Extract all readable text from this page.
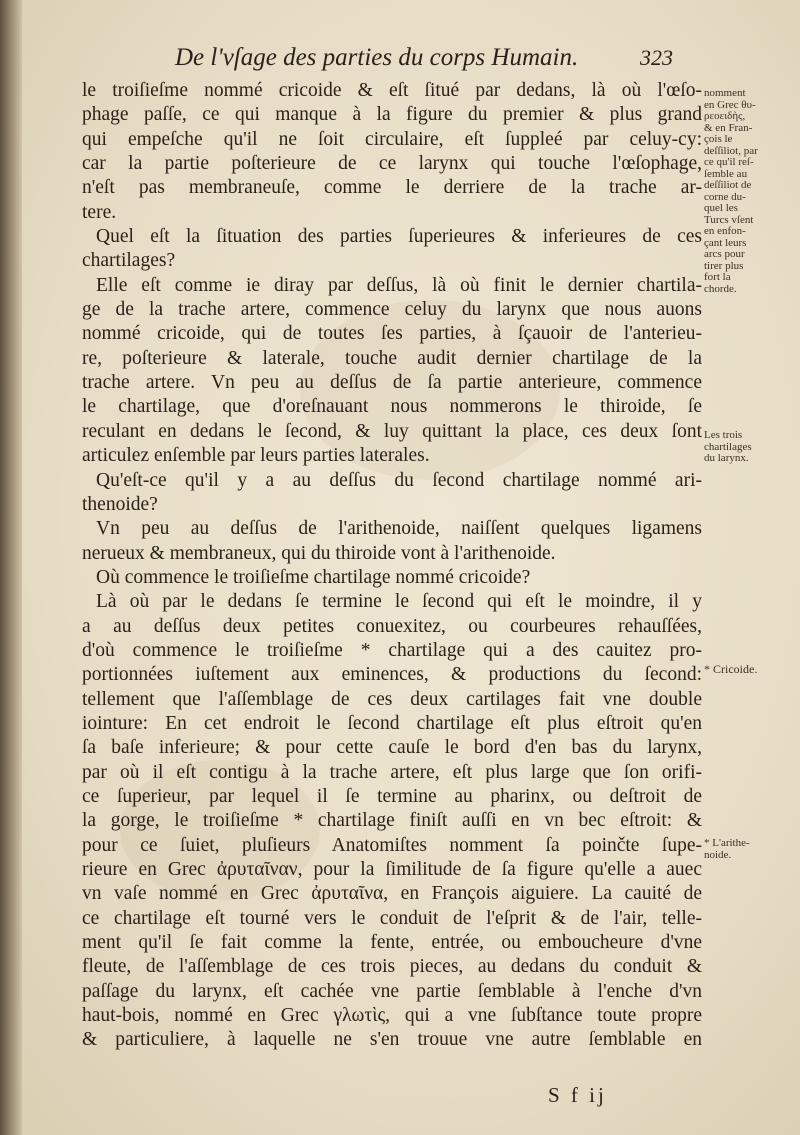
De l'vſage des parties du corps Humain.	323
le troiſieſme nommé cricoide & eſt ſitué par dedans, là où l'œſo-
phage paſſe, ce qui manque à la figure du premier & plus grand
qui empeſche qu'il ne ſoit circulaire, eſt ſuppleé par celuy-cy:
car la partie poſterieure de ce larynx qui touche l'œſophage,
n'eſt pas membraneuſe, comme le derriere de la trache ar-
tere.
Quel eſt la ſituation des parties ſuperieures & inferieures de ces
chartilages?
Elle eſt comme ie diray par deſſus, là où finit le dernier chartila-
ge de la trache artere, commence celuy du larynx que nous auons
nommé cricoide, qui de toutes ſes parties, à ſçauoir de l'anterieu-
re, poſterieure & laterale, touche audit dernier chartilage de la
trache artere. Vn peu au deſſus de ſa partie anterieure, commence
le chartilage, que d'oreſnauant nous nommerons le thiroide, ſe
reculant en dedans le ſecond, & luy quittant la place, ces deux ſont
articulez enſemble par leurs parties laterales.
Qu'eſt-ce qu'il y a au deſſus du ſecond chartilage nommé ari-
thenoide?
Vn peu au deſſus de l'arithenoide, naiſſent quelques ligamens
nerueux & membraneux, qui du thiroide vont à l'arithenoide.
Où commence le troiſieſme chartilage nommé cricoide?
Là où par le dedans ſe termine le ſecond qui eſt le moindre, il y
a au deſſus deux petites conuexitez, ou courbeures rehauſſées,
d'où commence le troiſieſme * chartilage qui a des cauitez pro-
portionnées iuſtement aux eminences, & productions du ſecond:
tellement que l'aſſemblage de ces deux cartilages fait vne double
iointure: En cet endroit le ſecond chartilage eſt plus eſtroit qu'en
ſa baſe inferieure; & pour cette cauſe le bord d'en bas du larynx,
par où il eſt contigu à la trache artere, eſt plus large que ſon orifi-
ce ſuperieur, par lequel il ſe termine au pharinx, ou deſtroit de
la gorge, le troiſieſme * chartilage finiſt auſſi en vn bec eſtroit: &
pour ce ſuiet, pluſieurs Anatomiſtes nomment ſa poinčte ſupe-
rieure en Grec ἀρυταῖναν, pour la ſimilitude de ſa figure qu'elle a auec
vn vaſe nommé en Grec ἀρυταῖνα, en François aiguiere. La cauité de
ce chartilage eſt tourné vers le conduit de l'eſprit & de l'air, telle-
ment qu'il ſe fait comme la fente, entrée, ou emboucheure d'vne
fleute, de l'aſſemblage de ces trois pieces, au dedans du conduit &
paſſage du larynx, eſt cachée vne partie ſemblable à l'enche d'vn
haut-bois, nommé en Grec γλωτὶς, qui a vne ſubſtance toute propre
& particuliere, à laquelle ne s'en trouue vne autre ſemblable en
nomment
en Grec θυ-
ρεοειδὴς,
& en Fran-
çois le
deſſiliot, par
ce qu'il reſ-
ſemble au
deſſiliot de
corne du-
quel les
Turcs vſent
en enfon-
çant leurs
arcs pour
tirer plus
fort la
chorde.
Les trois
chartilages
du larynx.
* Cricoide.
* L'arithe-
noide.
S f ij
